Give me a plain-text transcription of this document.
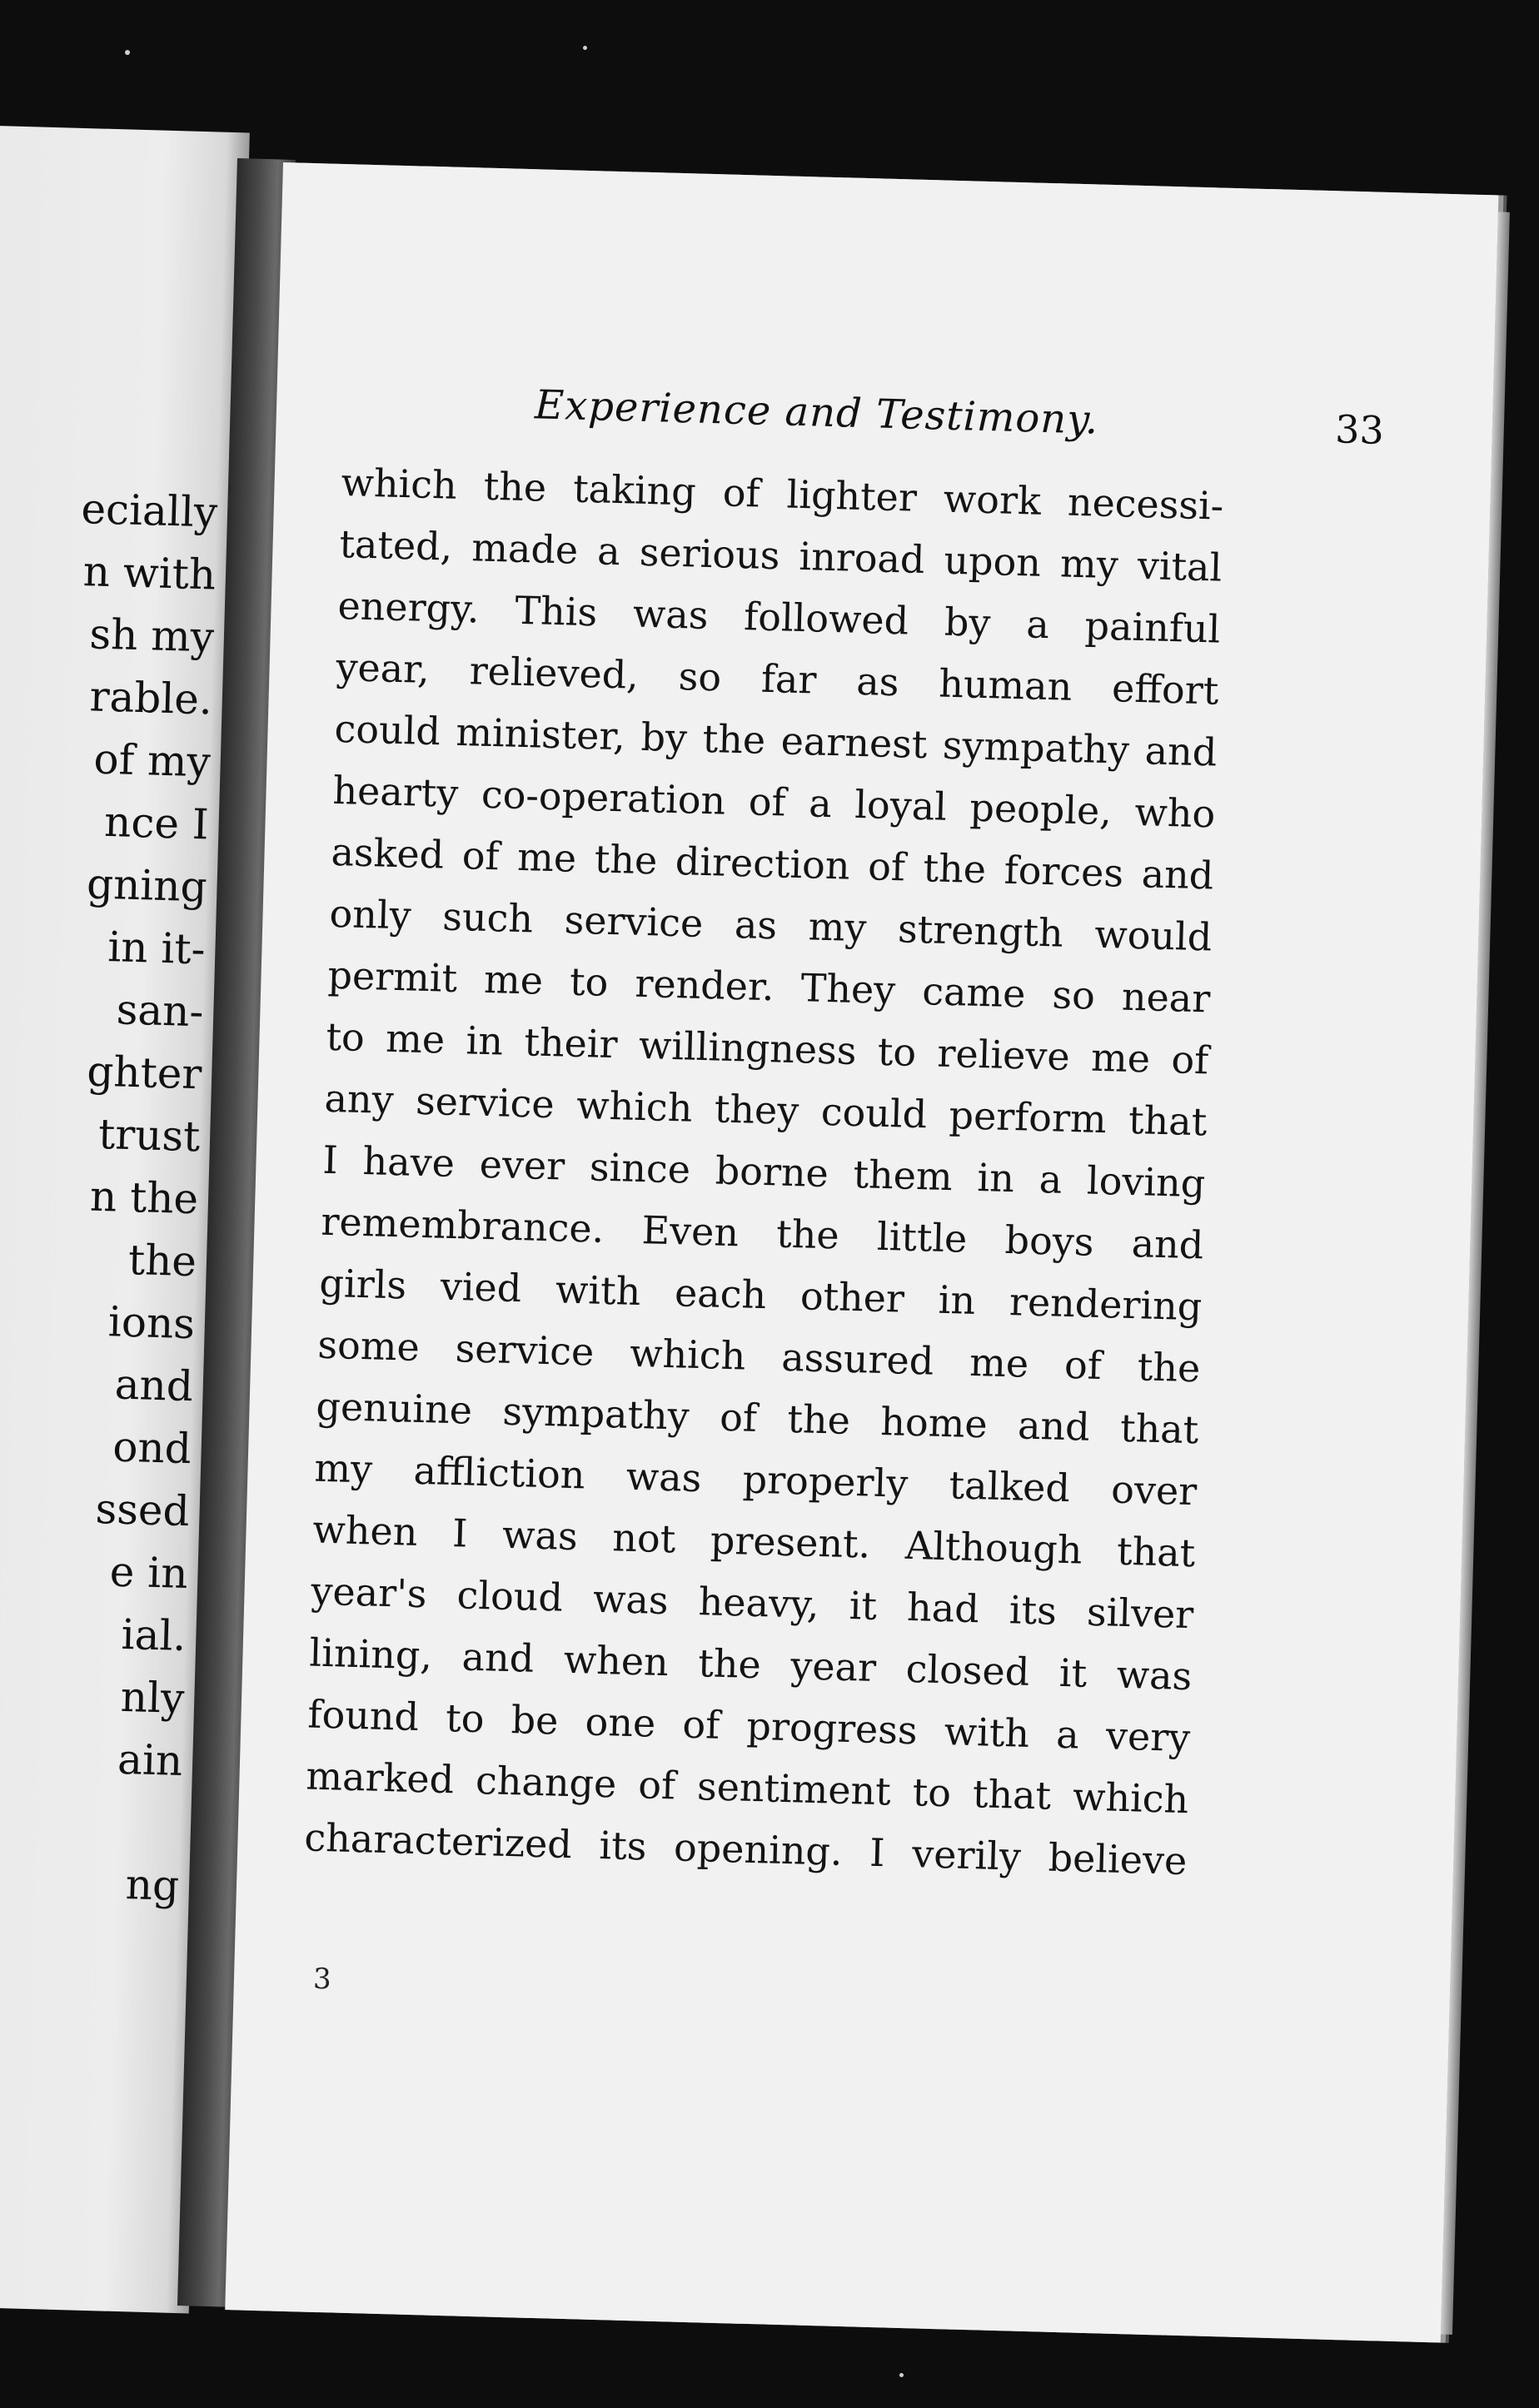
ecially
n with
sh my
rable.
of my
nce I
gning
in it-
san-
ghter
trust
n the
the
ions
and
ond
ssed
e in
ial.
nly
ain

ng
Experience and Testimony.	33
which the taking of lighter work necessi-
tated, made a serious inroad upon my vital
energy. This was followed by a painful
year, relieved, so far as human effort
could minister, by the earnest sympathy and
hearty co-operation of a loyal people, who
asked of me the direction of the forces and
only such service as my strength would
permit me to render. They came so near
to me in their willingness to relieve me of
any service which they could perform that
I have ever since borne them in a loving
remembrance. Even the little boys and
girls vied with each other in rendering
some service which assured me of the
genuine sympathy of the home and that
my affliction was properly talked over
when I was not present. Although that
year's cloud was heavy, it had its silver
lining, and when the year closed it was
found to be one of progress with a very
marked change of sentiment to that which
characterized its opening. I verily believe
3
